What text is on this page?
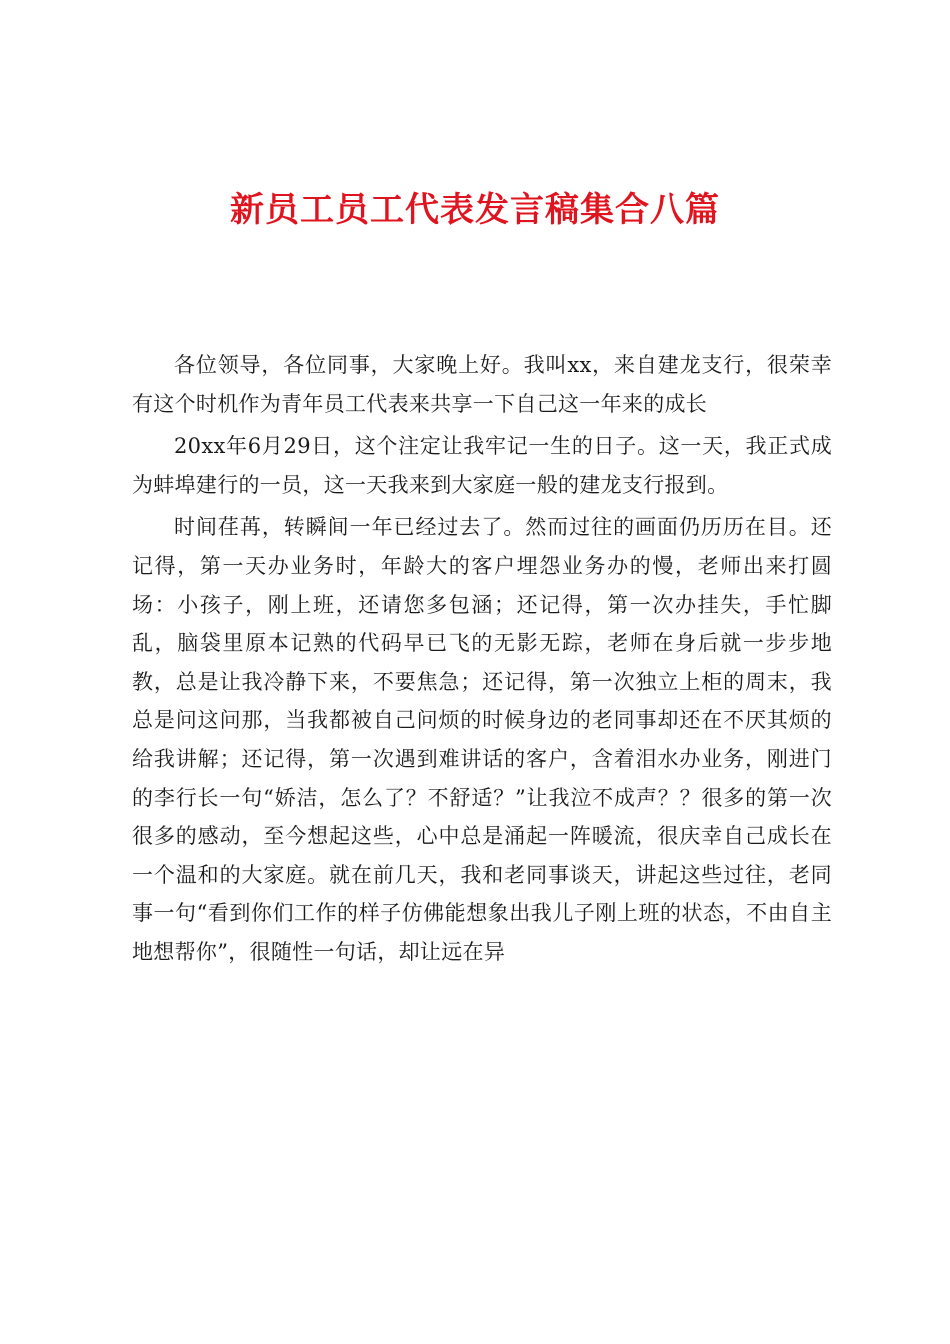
新员工员工代表发言稿集合八篇

各位领导，各位同事，大家晚上好。我叫xx，来自建龙支行，很荣幸有这个时机作为青年员工代表来共享一下自己这一年来的成长

20xx年6月29日，这个注定让我牢记一生的日子。这一天，我正式成为蚌埠建行的一员，这一天我来到大家庭一般的建龙支行报到。

时间荏苒，转瞬间一年已经过去了。然而过往的画面仍历历在目。还记得，第一天办业务时，年龄大的客户埋怨业务办的慢，老师出来打圆场：小孩子，刚上班，还请您多包涵；还记得，第一次办挂失，手忙脚乱，脑袋里原本记熟的代码早已飞的无影无踪，老师在身后就一步步地教，总是让我冷静下来，不要焦急；还记得，第一次独立上柜的周末，我总是问这问那，当我都被自己问烦的时候身边的老同事却还在不厌其烦的给我讲解；还记得，第一次遇到难讲话的客户，含着泪水办业务，刚进门的李行长一句“娇洁，怎么了？不舒适？”让我泣不成声？？很多的第一次很多的感动，至今想起这些，心中总是涌起一阵暖流，很庆幸自己成长在一个温和的大家庭。就在前几天，我和老同事谈天，讲起这些过往，老同事一句“看到你们工作的样子仿佛能想象出我儿子刚上班的状态，不由自主地想帮你”，很随性一句话，却让远在异
